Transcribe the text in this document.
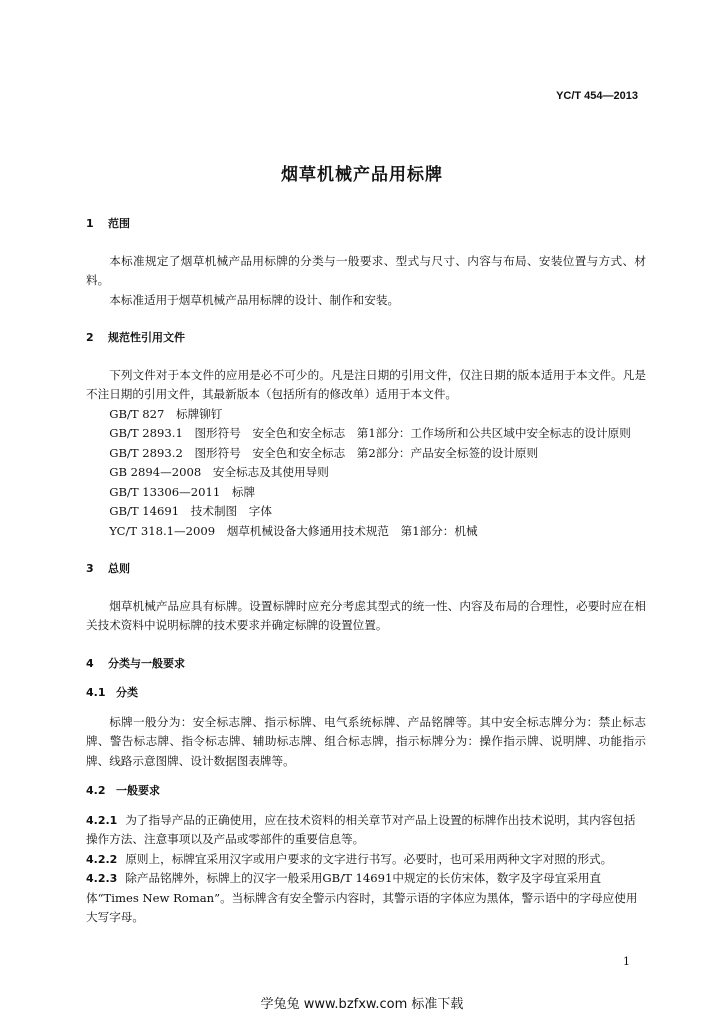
YC/T 454—2013
烟草机械产品用标牌
1 范围

本标准规定了烟草机械产品用标牌的分类与一般要求、型式与尺寸、内容与布局、安装位置与方式、材料。

本标准适用于烟草机械产品用标牌的设计、制作和安装。

2 规范性引用文件

下列文件对于本文件的应用是必不可少的。凡是注日期的引用文件，仅注日期的版本适用于本文件。凡是不注日期的引用文件，其最新版本（包括所有的修改单）适用于本文件。

GB/T 827　标牌铆钉

GB/T 2893.1　图形符号　安全色和安全标志　第1部分：工作场所和公共区域中安全标志的设计原则

GB/T 2893.2　图形符号　安全色和安全标志　第2部分：产品安全标签的设计原则

GB 2894—2008　安全标志及其使用导则

GB/T 13306—2011　标牌

GB/T 14691　技术制图　字体

YC/T 318.1—2009　烟草机械设备大修通用技术规范　第1部分：机械

3 总则

烟草机械产品应具有标牌。设置标牌时应充分考虑其型式的统一性、内容及布局的合理性，必要时应在相关技术资料中说明标牌的技术要求并确定标牌的设置位置。

4 分类与一般要求
4.1 分类

标牌一般分为：安全标志牌、指示标牌、电气系统标牌、产品铭牌等。其中安全标志牌分为：禁止标志牌、警告标志牌、指令标志牌、辅助标志牌、组合标志牌，指示标牌分为：操作指示牌、说明牌、功能指示牌、线路示意图牌、设计数据图表牌等。

4.2 一般要求

4.2.1 为了指导产品的正确使用，应在技术资料的相关章节对产品上设置的标牌作出技术说明，其内容包括操作方法、注意事项以及产品或零部件的重要信息等。

4.2.2 原则上，标牌宜采用汉字或用户要求的文字进行书写。必要时，也可采用两种文字对照的形式。

4.2.3 除产品铭牌外，标牌上的汉字一般采用GB/T 14691中规定的长仿宋体，数字及字母宜采用直体“Times New Roman”。当标牌含有安全警示内容时，其警示语的字体应为黑体，警示语中的字母应使用大写字母。

1
学兔兔 www.bzfxw.com 标准下载
